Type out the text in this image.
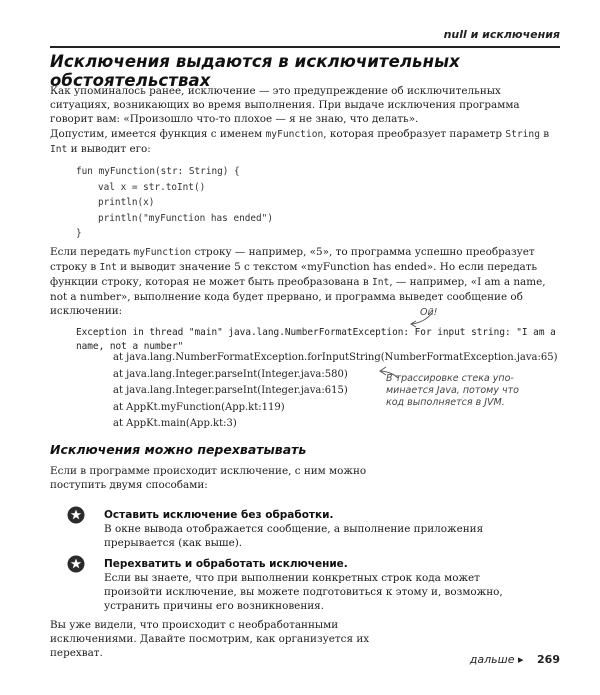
null и исключения
Исключения выдаются в исключительных обстоятельствах

Как упоминалось ранее, исключение — это предупреждение об исключительных ситуациях, возникающих во время выполнения. При выдаче исключения программа говорит вам: «Произошло что-то плохое — я не знаю, что делать».

Допустим, имеется функция с именем myFunction, которая преобразует параметр String в Int и выводит его:

fun myFunction(str: String) {
val x = str.toInt()
println(x)
println("myFunction has ended")
}

Если передать myFunction строку — например, «5», то программа успешно преобразует строку в Int и выводит значение 5 с текстом «myFunction has ended». Но если передать функции строку, которая не может быть преобразована в Int, — например, «I am a name, not a number», выполнение кода будет прервано, и программа выведет сообщение об исключении:	Ой!
Exception in thread "main" java.lang.NumberFormatException: For input string: "I am a name, not a number"
at java.lang.NumberFormatException.forInputString(NumberFormatException.java:65)
at java.lang.Integer.parseInt(Integer.java:580)
at java.lang.Integer.parseInt(Integer.java:615)
at AppKt.myFunction(App.kt:119)
at AppKt.main(App.kt:3)
В трассировке стека упо-
минается Java, потому что
код выполняется в JVM.
Исключения можно перехватывать

Если в программе происходит исключение, с ним можно поступить двумя способами:

Оставить исключение без обработки.
В окне вывода отображается сообщение, а выполнение приложения прерывается (как выше).
Перехватить и обработать исключение.
Если вы знаете, что при выполнении конкретных строк кода может произойти исключение, вы можете подготовиться к этому и, возможно, устранить причины его возникновения.

Вы уже видели, что происходит с необработанными исключениями. Давайте посмотрим, как организуется их перехват.	дальше ▸ 269
